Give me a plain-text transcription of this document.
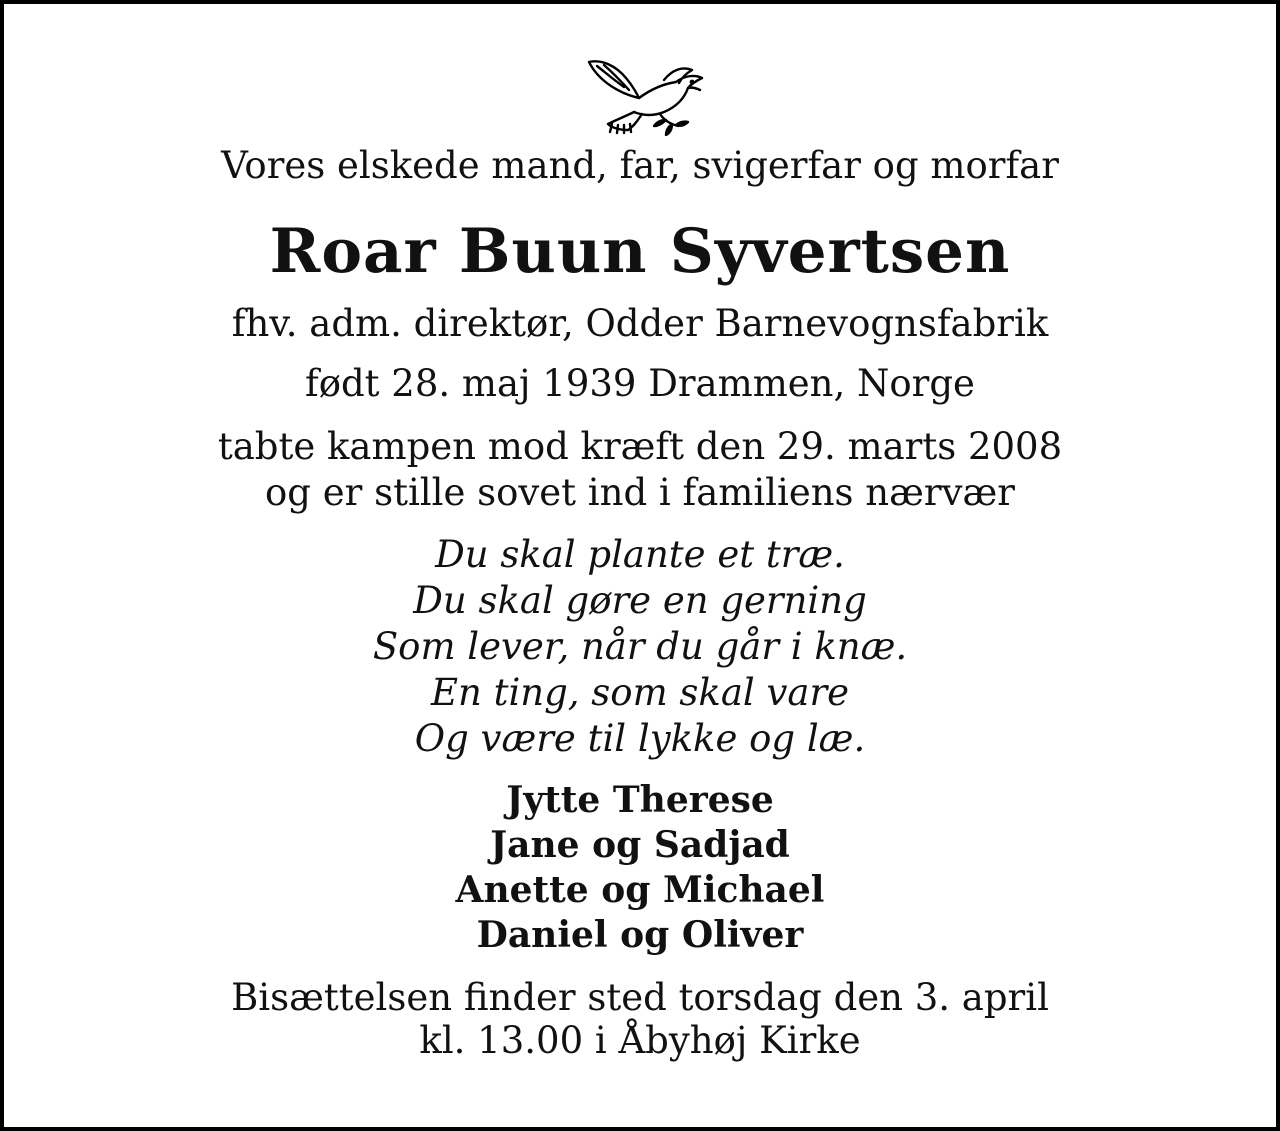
Vores elskede mand, far, svigerfar og morfar
Roar Buun Syvertsen
fhv. adm. direktør, Odder Barnevognsfabrik
født 28. maj 1939 Drammen, Norge
tabte kampen mod kræft den 29. marts 2008
og er stille sovet ind i familiens nærvær
Du skal plante et træ.
Du skal gøre en gerning
Som lever, når du går i knæ.
En ting, som skal vare
Og være til lykke og læ.
Jytte Therese
Jane og Sadjad
Anette og Michael
Daniel og Oliver
Bisættelsen finder sted torsdag den 3. april
kl. 13.00 i Åbyhøj Kirke
